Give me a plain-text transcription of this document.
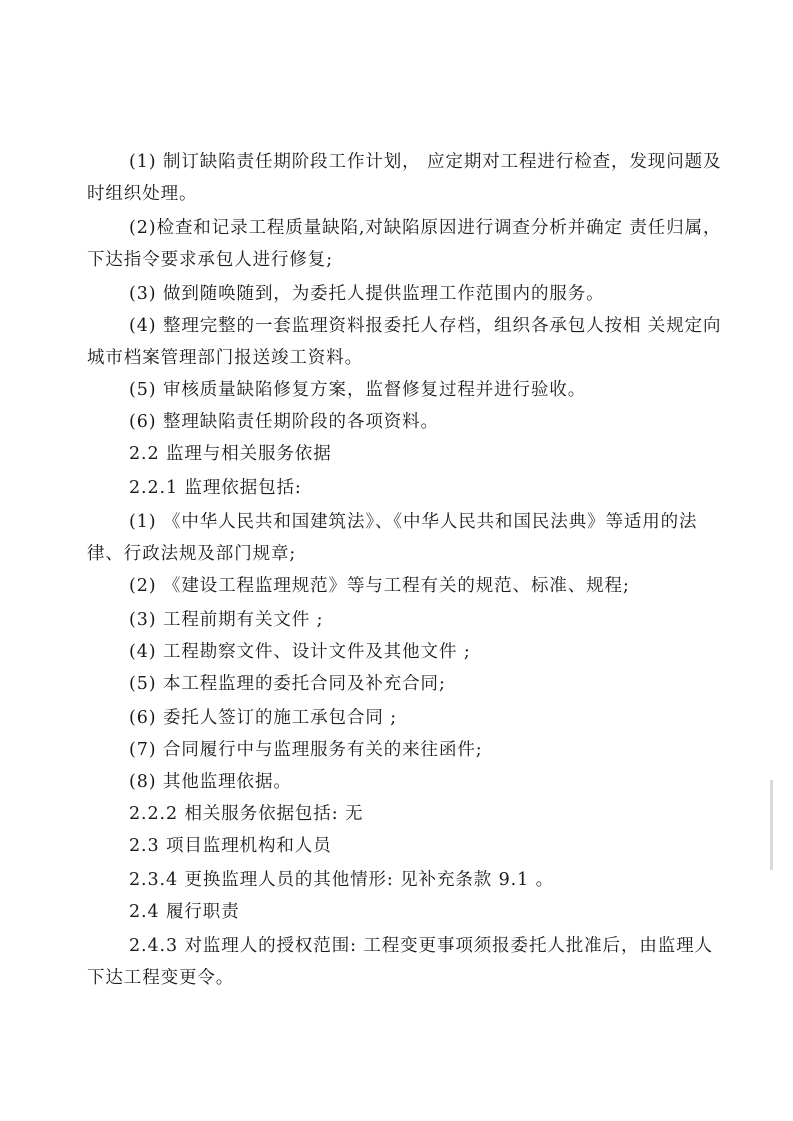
(1) 制订缺陷责任期阶段工作计划， 应定期对工程进行检查，发现问题及
时组织处理。
(2)检查和记录工程质量缺陷,对缺陷原因进行调查分析并确定 责任归属，
下达指令要求承包人进行修复;
(3) 做到随唤随到，为委托人提供监理工作范围内的服务。
(4) 整理完整的一套监理资料报委托人存档，组织各承包人按相 关规定向
城市档案管理部门报送竣工资料。
(5) 审核质量缺陷修复方案，监督修复过程并进行验收。
(6) 整理缺陷责任期阶段的各项资料。
2.2 监理与相关服务依据
2.2.1 监理依据包括:
(1) 《中华人民共和国建筑法》、《中华人民共和国民法典》等适用的法
律、行政法规及部门规章;
(2) 《建设工程监理规范》等与工程有关的规范、标准、规程;
(3) 工程前期有关文件 ;
(4) 工程勘察文件、设计文件及其他文件 ;
(5) 本工程监理的委托合同及补充合同;
(6) 委托人签订的施工承包合同 ;
(7) 合同履行中与监理服务有关的来往函件;
(8) 其他监理依据。
2.2.2 相关服务依据包括: 无
2.3 项目监理机构和人员
2.3.4 更换监理人员的其他情形: 见补充条款 9.1 。
2.4 履行职责
2.4.3 对监理人的授权范围: 工程变更事项须报委托人批准后，由监理人
下达工程变更令。
